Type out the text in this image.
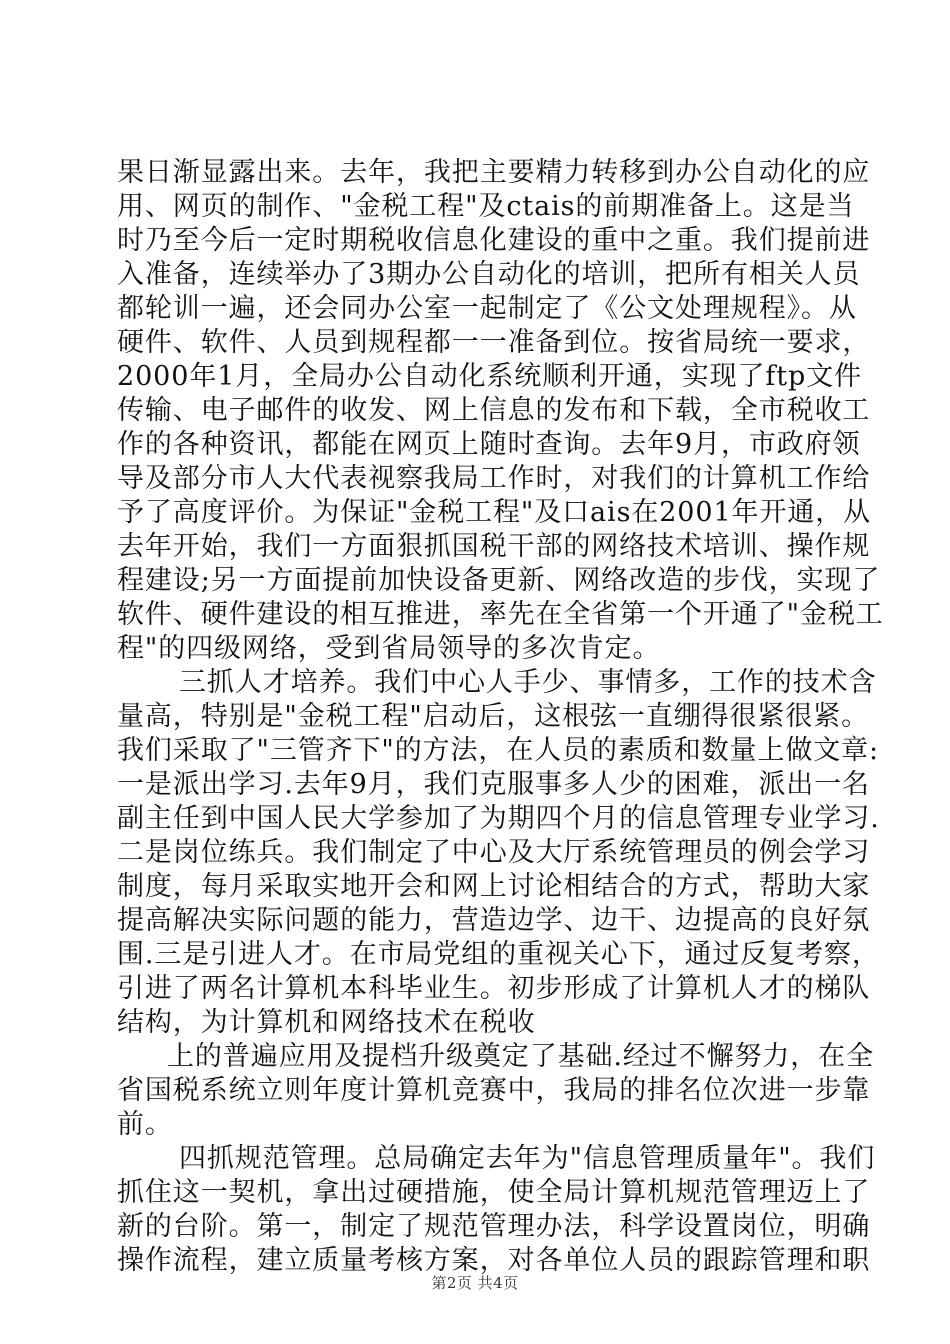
果日渐显露出来。去年，我把主要精力转移到办公自动化的应
用、网页的制作、"金税工程"及ctais的前期准备上。这是当
时乃至今后一定时期税收信息化建设的重中之重。我们提前进
入准备，连续举办了3期办公自动化的培训，把所有相关人员
都轮训一遍，还会同办公室一起制定了《公文处理规程》。从
硬件、软件、人员到规程都一一准备到位。按省局统一要求，
2000年1月，全局办公自动化系统顺利开通，实现了ftp文件
传输、电子邮件的收发、网上信息的发布和下载，全市税收工
作的各种资讯，都能在网页上随时查询。去年9月，市政府领
导及部分市人大代表视察我局工作时，对我们的计算机工作给
予了高度评价。为保证"金税工程"及口ais在2001年开通，从
去年开始，我们一方面狠抓国税干部的网络技术培训、操作规
程建设;另一方面提前加快设备更新、网络改造的步伐，实现了
软件、硬件建设的相互推进，率先在全省第一个开通了"金税工
程"的四级网络，受到省局领导的多次肯定。
三抓人才培养。我们中心人手少、事情多，工作的技术含
量高，特别是"金税工程"启动后，这根弦一直绷得很紧很紧。
我们采取了"三管齐下"的方法，在人员的素质和数量上做文章:
一是派出学习.去年9月，我们克服事多人少的困难，派出一名
副主任到中国人民大学参加了为期四个月的信息管理专业学习.
二是岗位练兵。我们制定了中心及大厅系统管理员的例会学习
制度，每月采取实地开会和网上讨论相结合的方式，帮助大家
提高解决实际问题的能力，营造边学、边干、边提高的良好氛
围.三是引进人才。在市局党组的重视关心下，通过反复考察，
引进了两名计算机本科毕业生。初步形成了计算机人才的梯队
结构，为计算机和网络技术在税收
上的普遍应用及提档升级奠定了基础.经过不懈努力，在全
省国税系统立则年度计算机竞赛中，我局的排名位次进一步靠
前。
四抓规范管理。总局确定去年为"信息管理质量年"。我们
抓住这一契机，拿出过硬措施，使全局计算机规范管理迈上了
新的台阶。第一，制定了规范管理办法，科学设置岗位，明确
操作流程，建立质量考核方案，对各单位人员的跟踪管理和职
第2页 共4页
